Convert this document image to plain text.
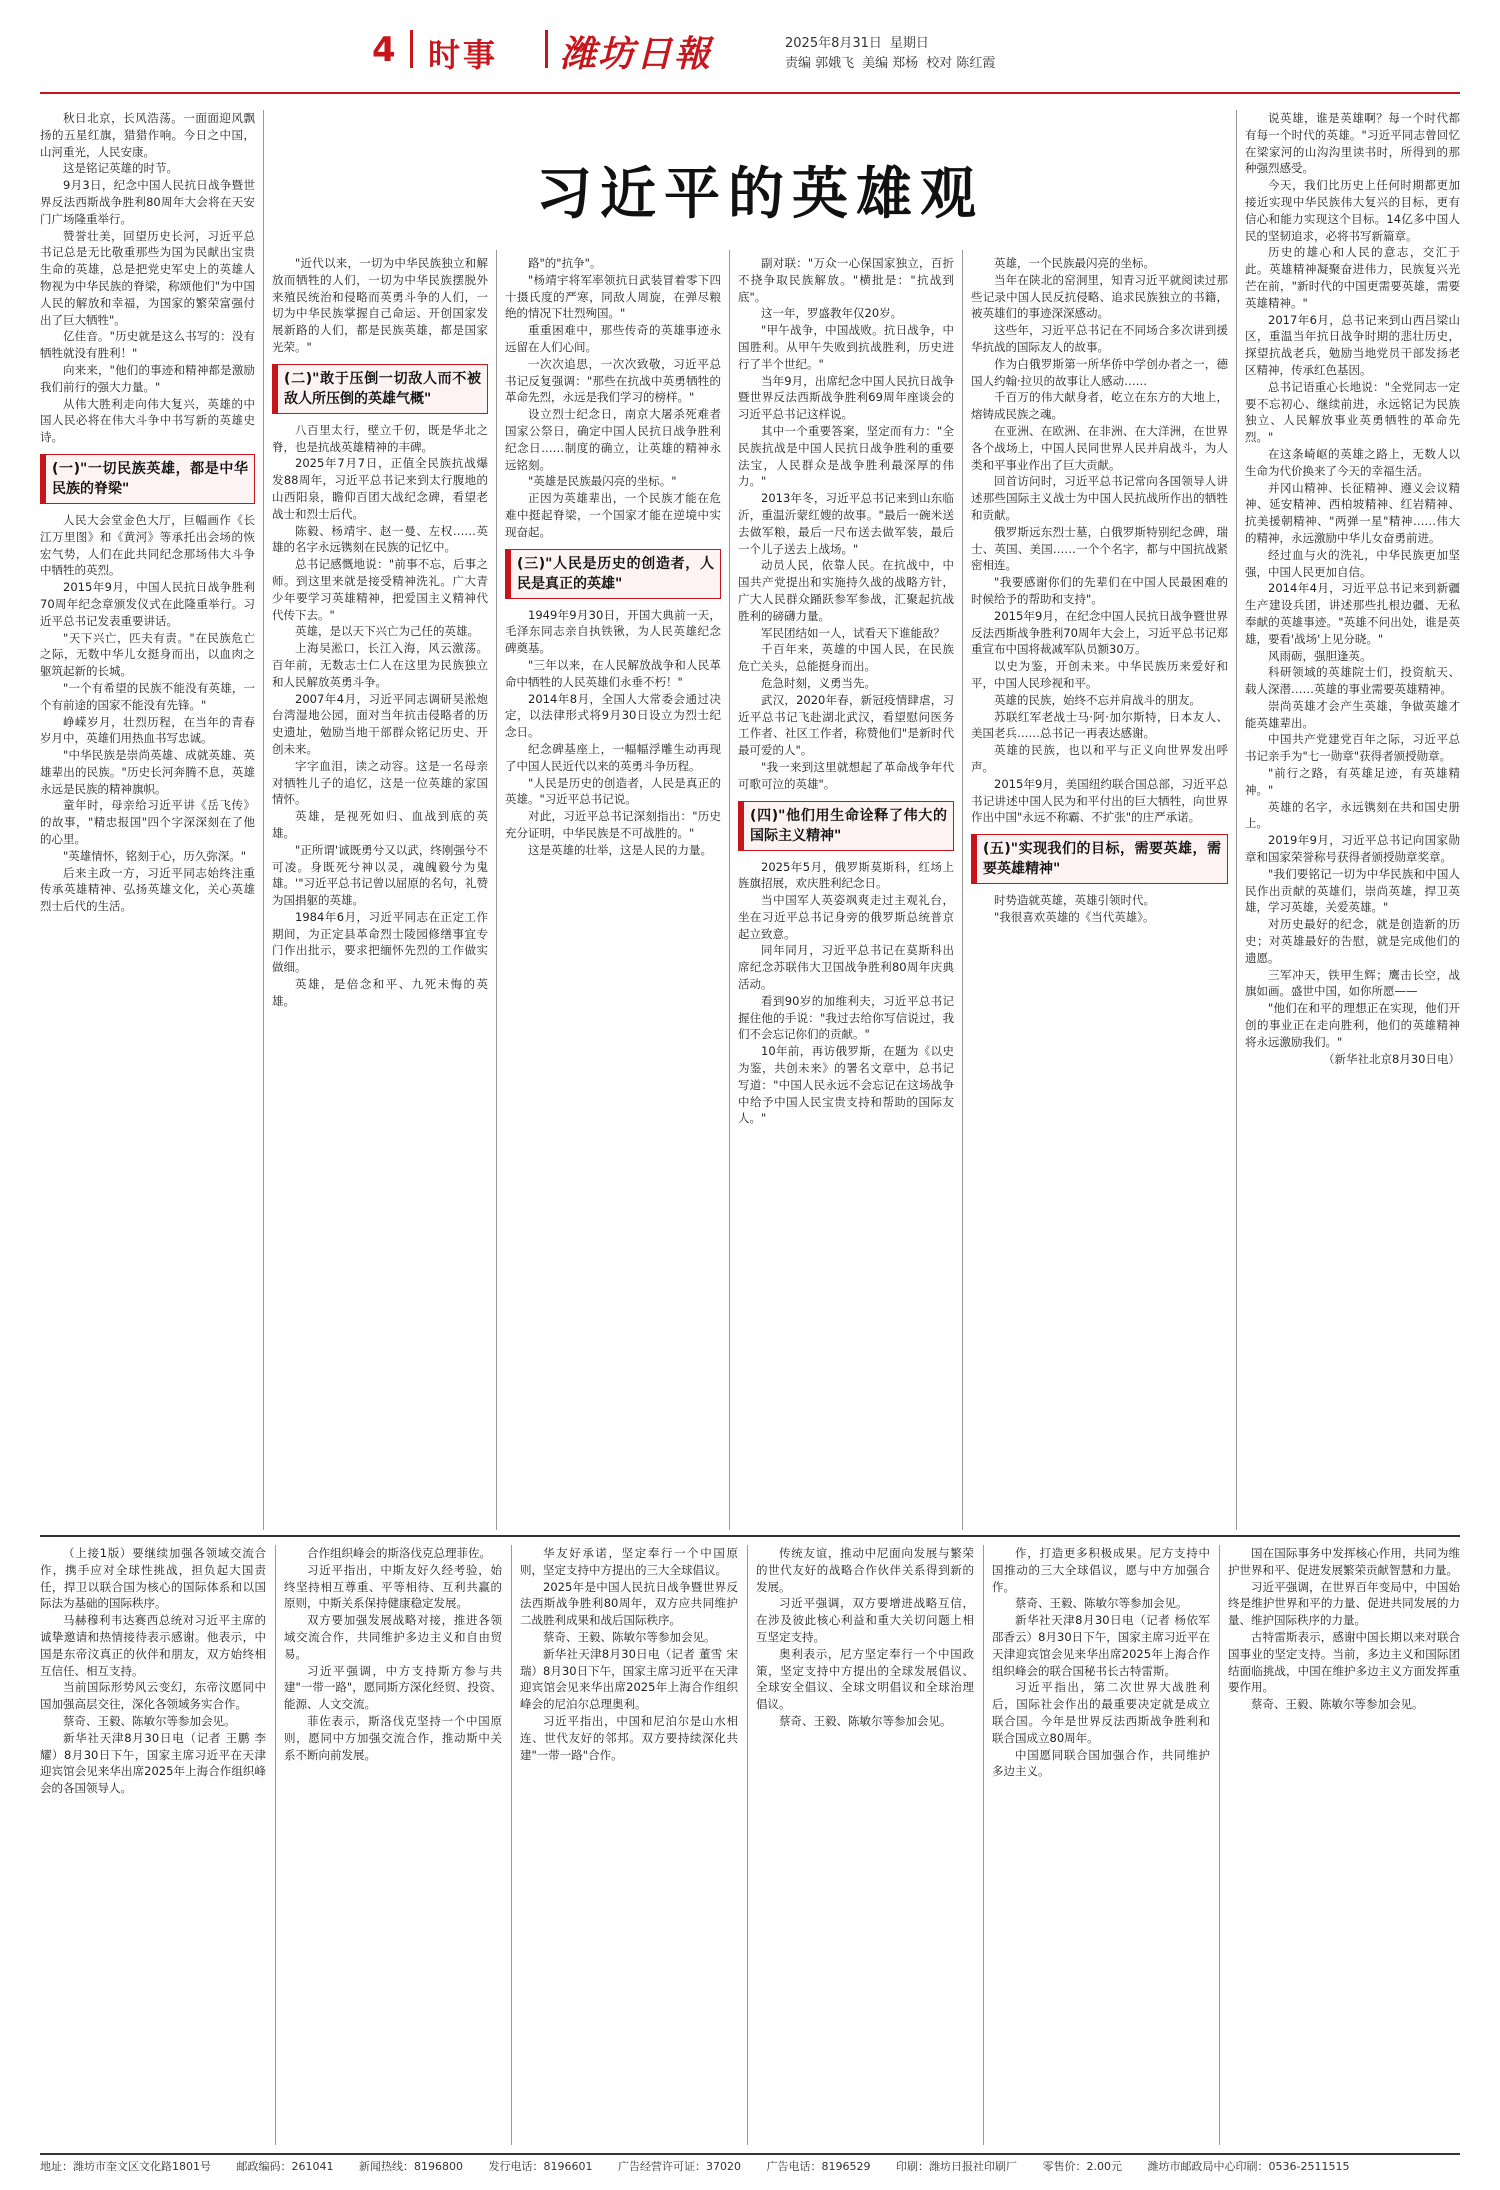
4 时事 潍坊日報	2025年8月31日 星期日
责编 郭娥飞 美编 郑杨 校对 陈红霞
习近平的英雄观

秋日北京，长风浩荡。一面面迎风飘扬的五星红旗，猎猎作响。今日之中国，山河重光，人民安康。

这是铭记英雄的时节。

9月3日，纪念中国人民抗日战争暨世界反法西斯战争胜利80周年大会将在天安门广场隆重举行。

赞誉壮美，回望历史长河，习近平总书记总是无比敬重那些为国为民献出宝贵生命的英雄，总是把党史军史上的英雄人物视为中华民族的脊梁，称颂他们"为中国人民的解放和幸福，为国家的繁荣富强付出了巨大牺牲"。

亿佳音。"历史就是这么书写的：没有牺牲就没有胜利！"

向来来，"他们的事迹和精神都是激励我们前行的强大力量。"

从伟大胜利走向伟大复兴，英雄的中国人民必将在伟大斗争中书写新的英雄史诗。

(一)"一切民族英雄，都是中华民族的脊梁"

人民大会堂金色大厅，巨幅画作《长江万里图》和《黄河》等承托出会场的恢宏气势，人们在此共同纪念那场伟大斗争中牺牲的英烈。

2015年9月，中国人民抗日战争胜利70周年纪念章颁发仪式在此隆重举行。习近平总书记发表重要讲话。

"天下兴亡，匹夫有责。"在民族危亡之际，无数中华儿女挺身而出，以血肉之躯筑起新的长城。

"一个有希望的民族不能没有英雄，一个有前途的国家不能没有先锋。"

峥嵘岁月，壮烈历程，在当年的青春岁月中，英雄们用热血书写忠诚。

"中华民族是崇尚英雄、成就英雄、英雄辈出的民族。"历史长河奔腾不息，英雄永远是民族的精神旗帜。

童年时，母亲给习近平讲《岳飞传》的故事，"精忠报国"四个字深深刻在了他的心里。

"英雄情怀，铭刻于心，历久弥深。"

后来主政一方，习近平同志始终注重传承英雄精神、弘扬英雄文化，关心英雄烈士后代的生活。

"近代以来，一切为中华民族独立和解放而牺牲的人们，一切为中华民族摆脱外来殖民统治和侵略而英勇斗争的人们，一切为中华民族掌握自己命运、开创国家发展新路的人们，都是民族英雄，都是国家光荣。"

(二)"敢于压倒一切敌人而不被敌人所压倒的英雄气概"

八百里太行，壁立千仞，既是华北之脊，也是抗战英雄精神的丰碑。

2025年7月7日，正值全民族抗战爆发88周年，习近平总书记来到太行腹地的山西阳泉，瞻仰百团大战纪念碑，看望老战士和烈士后代。

陈毅、杨靖宇、赵一曼、左权……英雄的名字永远镌刻在民族的记忆中。

总书记感慨地说："前事不忘，后事之师。到这里来就是接受精神洗礼。广大青少年要学习英雄精神，把爱国主义精神代代传下去。"

英雄，是以天下兴亡为己任的英雄。

上海吴淞口，长江入海，风云激荡。百年前，无数志士仁人在这里为民族独立和人民解放英勇斗争。

2007年4月，习近平同志调研吴淞炮台湾湿地公园，面对当年抗击侵略者的历史遗址，勉励当地干部群众铭记历史、开创未来。

字字血泪，读之动容。这是一名母亲对牺牲儿子的追忆，这是一位英雄的家国情怀。

英雄，是视死如归、血战到底的英雄。

"正所谓'诚既勇兮又以武，终刚强兮不可凌。身既死兮神以灵，魂魄毅兮为鬼雄。'"习近平总书记曾以屈原的名句，礼赞为国捐躯的英雄。

1984年6月，习近平同志在正定工作期间，为正定县革命烈士陵园修缮事宜专门作出批示，要求把缅怀先烈的工作做实做细。

英雄，是倍念和平、九死未悔的英雄。

路"的"抗争"。

"杨靖宇将军率领抗日武装冒着零下四十摄氏度的严寒，同敌人周旋，在弹尽粮绝的情况下壮烈殉国。"

重重困难中，那些传奇的英雄事迹永远留在人们心间。

一次次追思，一次次致敬，习近平总书记反复强调："那些在抗战中英勇牺牲的革命先烈，永远是我们学习的榜样。"

设立烈士纪念日，南京大屠杀死难者国家公祭日，确定中国人民抗日战争胜利纪念日……制度的确立，让英雄的精神永远铭刻。

"英雄是民族最闪亮的坐标。"

正因为英雄辈出，一个民族才能在危难中挺起脊梁，一个国家才能在逆境中实现奋起。

(三)"人民是历史的创造者，人民是真正的英雄"

1949年9月30日，开国大典前一天，毛泽东同志亲自执铁锹，为人民英雄纪念碑奠基。

"三年以来，在人民解放战争和人民革命中牺牲的人民英雄们永垂不朽！"

2014年8月，全国人大常委会通过决定，以法律形式将9月30日设立为烈士纪念日。

纪念碑基座上，一幅幅浮雕生动再现了中国人民近代以来的英勇斗争历程。

"人民是历史的创造者，人民是真正的英雄。"习近平总书记说。

对此，习近平总书记深刻指出："历史充分证明，中华民族是不可战胜的。"

这是英雄的壮举，这是人民的力量。

副对联："万众一心保国家独立，百折不挠争取民族解放。"横批是："抗战到底"。

这一年，罗盛教年仅20岁。

"甲午战争，中国战败。抗日战争，中国胜利。从甲午失败到抗战胜利，历史进行了半个世纪。"

当年9月，出席纪念中国人民抗日战争暨世界反法西斯战争胜利69周年座谈会的习近平总书记这样说。

其中一个重要答案，坚定而有力："全民族抗战是中国人民抗日战争胜利的重要法宝，人民群众是战争胜利最深厚的伟力。"

2013年冬，习近平总书记来到山东临沂，重温沂蒙红嫂的故事。"最后一碗米送去做军粮，最后一尺布送去做军装，最后一个儿子送去上战场。"

动员人民，依靠人民。在抗战中，中国共产党提出和实施持久战的战略方针，广大人民群众踊跃参军参战，汇聚起抗战胜利的磅礴力量。

军民团结如一人，试看天下谁能敌？

千百年来，英雄的中国人民，在民族危亡关头，总能挺身而出。

危急时刻，义勇当先。

武汉，2020年春，新冠疫情肆虐，习近平总书记飞赴湖北武汉，看望慰问医务工作者、社区工作者，称赞他们"是新时代最可爱的人"。

"我一来到这里就想起了革命战争年代可歌可泣的英雄"。

(四)"他们用生命诠释了伟大的国际主义精神"

2025年5月，俄罗斯莫斯科，红场上旌旗招展，欢庆胜利纪念日。

当中国军人英姿飒爽走过主观礼台，坐在习近平总书记身旁的俄罗斯总统普京起立致意。

同年同月，习近平总书记在莫斯科出席纪念苏联伟大卫国战争胜利80周年庆典活动。

看到90岁的加维利夫，习近平总书记握住他的手说："我过去给你写信说过，我们不会忘记你们的贡献。"

10年前，再访俄罗斯，在题为《以史为鉴，共创未来》的署名文章中，总书记写道："中国人民永远不会忘记在这场战争中给予中国人民宝贵支持和帮助的国际友人。"

英雄，一个民族最闪亮的坐标。

当年在陕北的窑洞里，知青习近平就阅读过那些记录中国人民反抗侵略、追求民族独立的书籍，被英雄们的事迹深深感动。

这些年，习近平总书记在不同场合多次讲到援华抗战的国际友人的故事。

作为白俄罗斯第一所华侨中学创办者之一，德国人约翰·拉贝的故事让人感动……

千百万的伟大献身者，屹立在东方的大地上，熔铸成民族之魂。

在亚洲、在欧洲、在非洲、在大洋洲，在世界各个战场上，中国人民同世界人民并肩战斗，为人类和平事业作出了巨大贡献。

回首访问时，习近平总书记常向各国领导人讲述那些国际主义战士为中国人民抗战所作出的牺牲和贡献。

俄罗斯远东烈士墓，白俄罗斯特别纪念碑，瑞士、英国、美国……一个个名字，都与中国抗战紧密相连。

"我要感谢你们的先辈们在中国人民最困难的时候给予的帮助和支持"。

2015年9月，在纪念中国人民抗日战争暨世界反法西斯战争胜利70周年大会上，习近平总书记郑重宣布中国将裁减军队员额30万。

以史为鉴，开创未来。中华民族历来爱好和平，中国人民珍视和平。

英雄的民族，始终不忘并肩战斗的朋友。

苏联红军老战士马·阿·加尔斯特，日本友人、美国老兵……总书记一再表达感谢。

英雄的民族，也以和平与正义向世界发出呼声。

2015年9月，美国纽约联合国总部，习近平总书记讲述中国人民为和平付出的巨大牺牲，向世界作出中国"永远不称霸、不扩张"的庄严承诺。

(五)"实现我们的目标，需要英雄，需要英雄精神"

时势造就英雄，英雄引领时代。

"我很喜欢英雄的《当代英雄》。

说英雄，谁是英雄啊？每一个时代都有每一个时代的英雄。"习近平同志曾回忆在梁家河的山沟沟里读书时，所得到的那种强烈感受。

今天，我们比历史上任何时期都更加接近实现中华民族伟大复兴的目标，更有信心和能力实现这个目标。14亿多中国人民的坚韧追求，必将书写新篇章。

历史的雄心和人民的意志，交汇于此。英雄精神凝聚奋进伟力，民族复兴光芒在前，"新时代的中国更需要英雄，需要英雄精神。"

2017年6月，总书记来到山西吕梁山区，重温当年抗日战争时期的悲壮历史，探望抗战老兵，勉励当地党员干部发扬老区精神，传承红色基因。

总书记语重心长地说："全党同志一定要不忘初心、继续前进，永远铭记为民族独立、人民解放事业英勇牺牲的革命先烈。"

在这条崎岖的英雄之路上，无数人以生命为代价换来了今天的幸福生活。

并冈山精神、长征精神、遵义会议精神、延安精神、西柏坡精神、红岩精神、抗美援朝精神、"两弹一星"精神……伟大的精神，永远激励中华儿女奋勇前进。

经过血与火的洗礼，中华民族更加坚强，中国人民更加自信。

2014年4月，习近平总书记来到新疆生产建设兵团，讲述那些扎根边疆、无私奉献的英雄事迹。"英雄不问出处，谁是英雄，要看'战场'上见分晓。"

风雨砺，强胆逢英。

科研领域的英雄院士们，投资航天、载人深潜……英雄的事业需要英雄精神。

崇尚英雄才会产生英雄，争做英雄才能英雄辈出。

中国共产党建党百年之际，习近平总书记亲手为"七一勋章"获得者颁授勋章。

"前行之路，有英雄足迹，有英雄精神。"

英雄的名字，永远镌刻在共和国史册上。

2019年9月，习近平总书记向国家勋章和国家荣誉称号获得者颁授勋章奖章。

"我们要铭记一切为中华民族和中国人民作出贡献的英雄们，崇尚英雄，捍卫英雄，学习英雄，关爱英雄。"

对历史最好的纪念，就是创造新的历史；对英雄最好的告慰，就是完成他们的遗愿。

三军冲天，铁甲生辉；鹰击长空，战旗如画。盛世中国，如你所愿——

"他们在和平的理想正在实现，他们开创的事业正在走向胜利，他们的英雄精神将永远激励我们。"

（新华社北京8月30日电）

（上接1版）要继续加强各领域交流合作，携手应对全球性挑战，担负起大国责任，捍卫以联合国为核心的国际体系和以国际法为基础的国际秩序。

马赫穆利韦达赛西总统对习近平主席的诚挚邀请和热情接待表示感谢。他表示，中国是东帝汶真正的伙伴和朋友，双方始终相互信任、相互支持。

当前国际形势风云变幻，东帝汶愿同中国加强高层交往，深化各领域务实合作。

蔡奇、王毅、陈敏尔等参加会见。

新华社天津8月30日电（记者 王鹏 李耀）8月30日下午，国家主席习近平在天津迎宾馆会见来华出席2025年上海合作组织峰会的各国领导人。

合作组织峰会的斯洛伐克总理菲佐。

习近平指出，中斯友好久经考验，始终坚持相互尊重、平等相待、互利共赢的原则，中斯关系保持健康稳定发展。

双方要加强发展战略对接，推进各领域交流合作，共同维护多边主义和自由贸易。

习近平强调，中方支持斯方参与共建"一带一路"，愿同斯方深化经贸、投资、能源、人文交流。

菲佐表示，斯洛伐克坚持一个中国原则，愿同中方加强交流合作，推动斯中关系不断向前发展。

华友好承诺，坚定奉行一个中国原则，坚定支持中方提出的三大全球倡议。

2025年是中国人民抗日战争暨世界反法西斯战争胜利80周年，双方应共同维护二战胜利成果和战后国际秩序。

蔡奇、王毅、陈敏尔等参加会见。

新华社天津8月30日电（记者 董雪 宋瑞）8月30日下午，国家主席习近平在天津迎宾馆会见来华出席2025年上海合作组织峰会的尼泊尔总理奥利。

习近平指出，中国和尼泊尔是山水相连、世代友好的邻邦。双方要持续深化共建"一带一路"合作。

传统友谊，推动中尼面向发展与繁荣的世代友好的战略合作伙伴关系得到新的发展。

习近平强调，双方要增进战略互信，在涉及彼此核心利益和重大关切问题上相互坚定支持。

奥利表示，尼方坚定奉行一个中国政策，坚定支持中方提出的全球发展倡议、全球安全倡议、全球文明倡议和全球治理倡议。

蔡奇、王毅、陈敏尔等参加会见。

作，打造更多积极成果。尼方支持中国推动的三大全球倡议，愿与中方加强合作。

蔡奇、王毅、陈敏尔等参加会见。

新华社天津8月30日电（记者 杨依军 邵香云）8月30日下午，国家主席习近平在天津迎宾馆会见来华出席2025年上海合作组织峰会的联合国秘书长古特雷斯。

习近平指出，第二次世界大战胜利后，国际社会作出的最重要决定就是成立联合国。今年是世界反法西斯战争胜利和联合国成立80周年。

中国愿同联合国加强合作，共同维护多边主义。

国在国际事务中发挥核心作用，共同为维护世界和平、促进发展繁荣贡献智慧和力量。

习近平强调，在世界百年变局中，中国始终是维护世界和平的力量、促进共同发展的力量、维护国际秩序的力量。

古特雷斯表示，感谢中国长期以来对联合国事业的坚定支持。当前，多边主义和国际团结面临挑战，中国在维护多边主义方面发挥重要作用。

蔡奇、王毅、陈敏尔等参加会见。

地址：潍坊市奎文区文化路1801号 邮政编码：261041 新闻热线：8196800 发行电话：8196601 广告经营许可证：37020 广告电话：8196529 印刷：潍坊日报社印刷厂 零售价：2.00元 潍坊市邮政局中心印刷：0536-2511515
